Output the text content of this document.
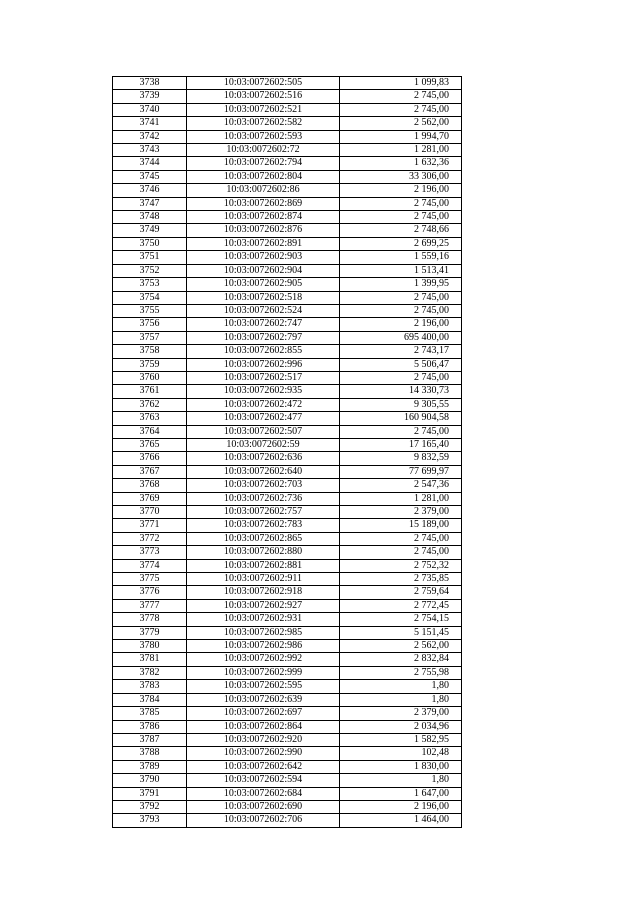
3738	10:03:0072602:505	1 099,83
3739	10:03:0072602:516	2 745,00
3740	10:03:0072602:521	2 745,00
3741	10:03:0072602:582	2 562,00
3742	10:03:0072602:593	1 994,70
3743	10:03:0072602:72	1 281,00
3744	10:03:0072602:794	1 632,36
3745	10:03:0072602:804	33 306,00
3746	10:03:0072602:86	2 196,00
3747	10:03:0072602:869	2 745,00
3748	10:03:0072602:874	2 745,00
3749	10:03:0072602:876	2 748,66
3750	10:03:0072602:891	2 699,25
3751	10:03:0072602:903	1 559,16
3752	10:03:0072602:904	1 513,41
3753	10:03:0072602:905	1 399,95
3754	10:03:0072602:518	2 745,00
3755	10:03:0072602:524	2 745,00
3756	10:03:0072602:747	2 196,00
3757	10:03:0072602:797	695 400,00
3758	10:03:0072602:855	2 743,17
3759	10:03:0072602:996	5 506,47
3760	10:03:0072602:517	2 745,00
3761	10:03:0072602:935	14 330,73
3762	10:03:0072602:472	9 305,55
3763	10:03:0072602:477	160 904,58
3764	10:03:0072602:507	2 745,00
3765	10:03:0072602:59	17 165,40
3766	10:03:0072602:636	9 832,59
3767	10:03:0072602:640	77 699,97
3768	10:03:0072602:703	2 547,36
3769	10:03:0072602:736	1 281,00
3770	10:03:0072602:757	2 379,00
3771	10:03:0072602:783	15 189,00
3772	10:03:0072602:865	2 745,00
3773	10:03:0072602:880	2 745,00
3774	10:03:0072602:881	2 752,32
3775	10:03:0072602:911	2 735,85
3776	10:03:0072602:918	2 759,64
3777	10:03:0072602:927	2 772,45
3778	10:03:0072602:931	2 754,15
3779	10:03:0072602:985	5 151,45
3780	10:03:0072602:986	2 562,00
3781	10:03:0072602:992	2 832,84
3782	10:03:0072602:999	2 755,98
3783	10:03:0072602:595	1,80
3784	10:03:0072602:639	1,80
3785	10:03:0072602:697	2 379,00
3786	10:03:0072602:864	2 034,96
3787	10:03:0072602:920	1 582,95
3788	10:03:0072602:990	102,48
3789	10:03:0072602:642	1 830,00
3790	10:03:0072602:594	1,80
3791	10:03:0072602:684	1 647,00
3792	10:03:0072602:690	2 196,00
3793	10:03:0072602:706	1 464,00
